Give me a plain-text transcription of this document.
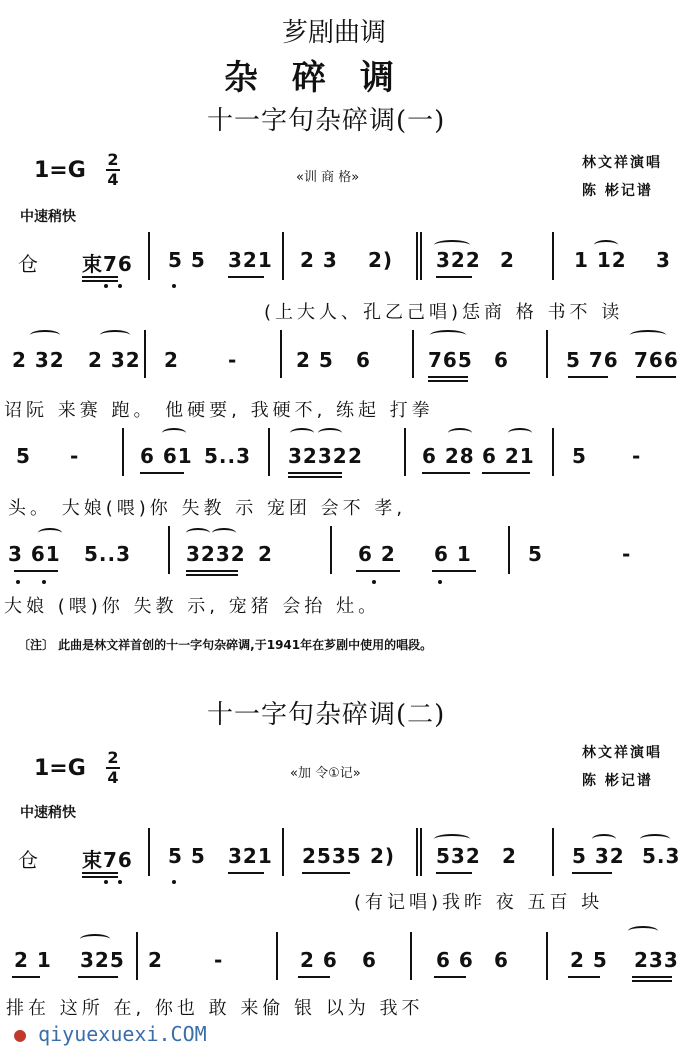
芗剧曲调
杂碎调
十一字句杂碎调(一)
1=G 2
4	«训 商 格»
林文祥演唱
陈 彬记谱
中速稍快
仓 束76 5 5 321 2 3 2) 322 2	1 12 3
(上大人、孔乙己唱)恁商 格 书不 读
2 32 2 32 2 -	2 5 6	765 6	5 76 766
诏阮 来赛 跑。 他硬要, 我硬不, 练起 打拳
5 -	6 61 5..3 3232 2	6 28 6 21 5 -
头。 大娘(喂)你 失教 示 宠团 会不 孝,
3 61 5..3	3232 2	6 2 6 1	5	-
大娘 (喂)你 失教 示, 宠猪 会抬 灶。
〔注〕 此曲是林文祥首创的十一字句杂碎调,于1941年在芗剧中使用的唱段。
十一字句杂碎调(二)
1=G 2
4	«加 令①记»
林文祥演唱
陈 彬记谱
中速稍快
仓 束76 5 5 321 2535 2) 532 2	5 32 5.3
(有记唱)我昨 夜 五百 块
2 1 325 2	-	2 6 6	6 6 6	2 5 233
排在 这所 在, 你也 敢 来偷 银 以为 我不
● qiyuexuexi.COM
